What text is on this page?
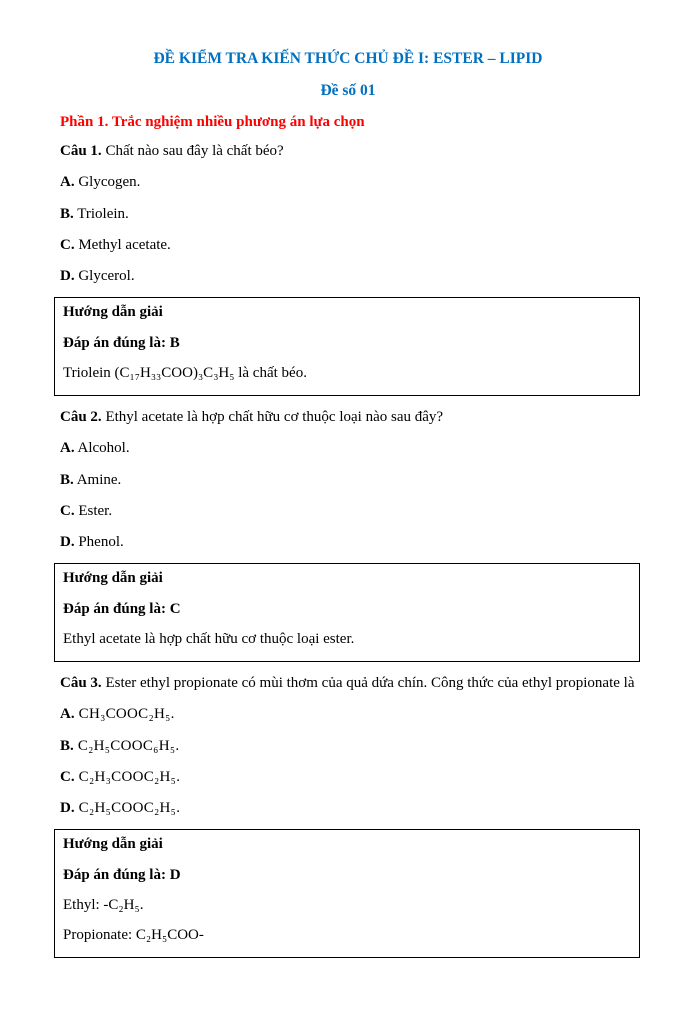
ĐỀ KIỂM TRA KIẾN THỨC CHỦ ĐỀ I: ESTER – LIPID
Đề số 01

Phần 1. Trắc nghiệm nhiều phương án lựa chọn

Câu 1. Chất nào sau đây là chất béo?

A. Glycogen.

B. Triolein.

C. Methyl acetate.

D. Glycerol.

Hướng dẫn giải

Đáp án đúng là: B

Triolein (C₁₇H₃₃COO)₃C₃H₅ là chất béo.

Câu 2. Ethyl acetate là hợp chất hữu cơ thuộc loại nào sau đây?

A. Alcohol.

B. Amine.

C. Ester.

D. Phenol.

Hướng dẫn giải

Đáp án đúng là: C

Ethyl acetate là hợp chất hữu cơ thuộc loại ester.

Câu 3. Ester ethyl propionate có mùi thơm của quả dứa chín. Công thức của ethyl propionate là

A. CH₃COOC₂H₅.

B. C₂H₅COOC₆H₅.

C. C₂H₃COOC₂H₅.

D. C₂H₅COOC₂H₅.

Hướng dẫn giải

Đáp án đúng là: D

Ethyl: -C₂H₅.

Propionate: C₂H₅COO-
